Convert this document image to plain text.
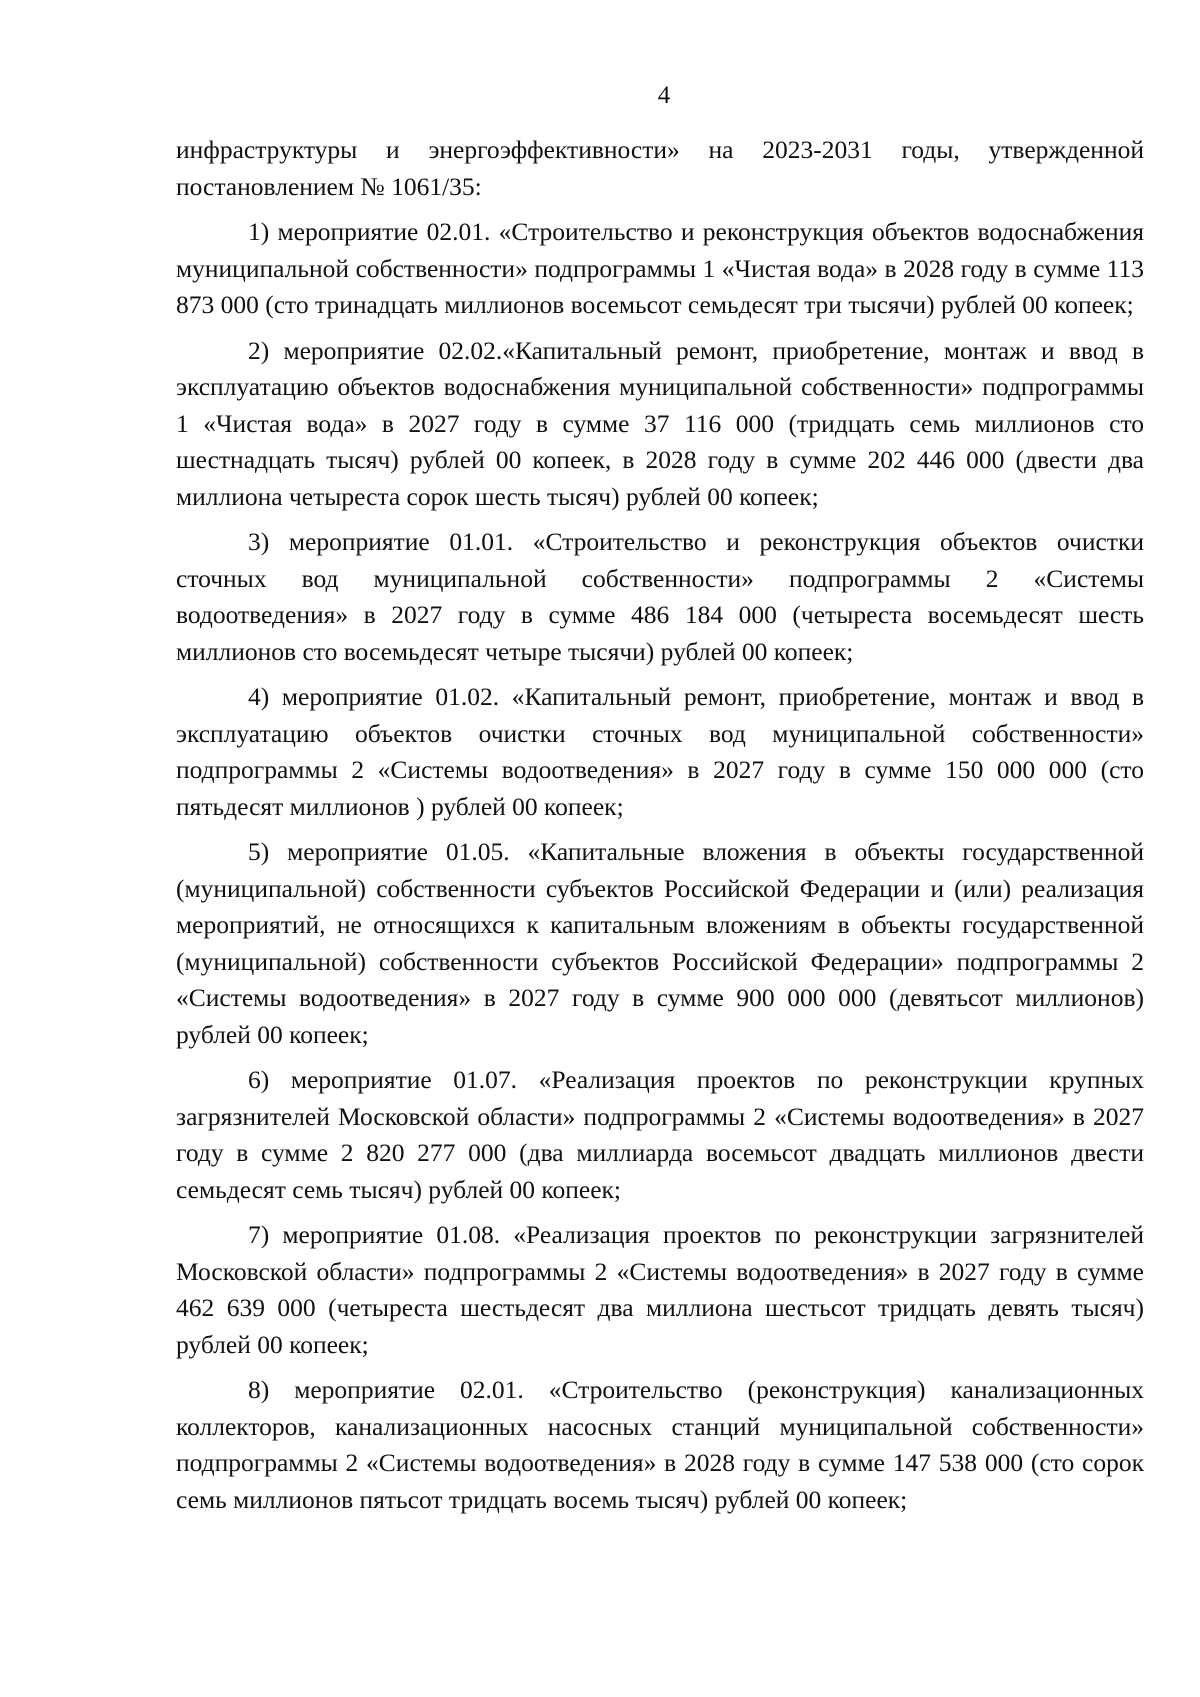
4

инфраструктуры и энергоэффективности» на 2023-2031 годы, утвержденной постановлением № 1061/35:

1) мероприятие 02.01. «Строительство и реконструкция объектов водоснабжения муниципальной собственности» подпрограммы 1 «Чистая вода» в 2028 году в сумме 113 873 000 (сто тринадцать миллионов восемьсот семьдесят три тысячи) рублей 00 копеек;

2) мероприятие 02.02.«Капитальный ремонт, приобретение, монтаж и ввод в эксплуатацию объектов водоснабжения муниципальной собственности» подпрограммы 1 «Чистая вода» в 2027 году в сумме 37 116 000 (тридцать семь миллионов сто шестнадцать тысяч) рублей 00 копеек, в 2028 году в сумме 202 446 000 (двести два миллиона четыреста сорок шесть тысяч) рублей 00 копеек;

3) мероприятие 01.01. «Строительство и реконструкция объектов очистки сточных вод муниципальной собственности» подпрограммы 2 «Системы водоотведения» в 2027 году в сумме 486 184 000 (четыреста восемьдесят шесть миллионов сто восемьдесят четыре тысячи) рублей 00 копеек;

4) мероприятие 01.02. «Капитальный ремонт, приобретение, монтаж и ввод в эксплуатацию объектов очистки сточных вод муниципальной собственности» подпрограммы 2 «Системы водоотведения» в 2027 году в сумме 150 000 000 (сто пятьдесят миллионов ) рублей 00 копеек;

5) мероприятие 01.05. «Капитальные вложения в объекты государственной (муниципальной) собственности субъектов Российской Федерации и (или) реализация мероприятий, не относящихся к капитальным вложениям в объекты государственной (муниципальной) собственности субъектов Российской Федерации» подпрограммы 2 «Системы водоотведения» в 2027 году в сумме 900 000 000 (девятьсот миллионов) рублей 00 копеек;

6) мероприятие 01.07. «Реализация проектов по реконструкции крупных загрязнителей Московской области» подпрограммы 2 «Системы водоотведения» в 2027 году в сумме 2 820 277 000 (два миллиарда восемьсот двадцать миллионов двести семьдесят семь тысяч) рублей 00 копеек;

7) мероприятие 01.08. «Реализация проектов по реконструкции загрязнителей Московской области» подпрограммы 2 «Системы водоотведения» в 2027 году в сумме 462 639 000 (четыреста шестьдесят два миллиона шестьсот тридцать девять тысяч) рублей 00 копеек;

8) мероприятие 02.01. «Строительство (реконструкция) канализационных коллекторов, канализационных насосных станций муниципальной собственности» подпрограммы 2 «Системы водоотведения» в 2028 году в сумме 147 538 000 (сто сорок семь миллионов пятьсот тридцать восемь тысяч) рублей 00 копеек;
